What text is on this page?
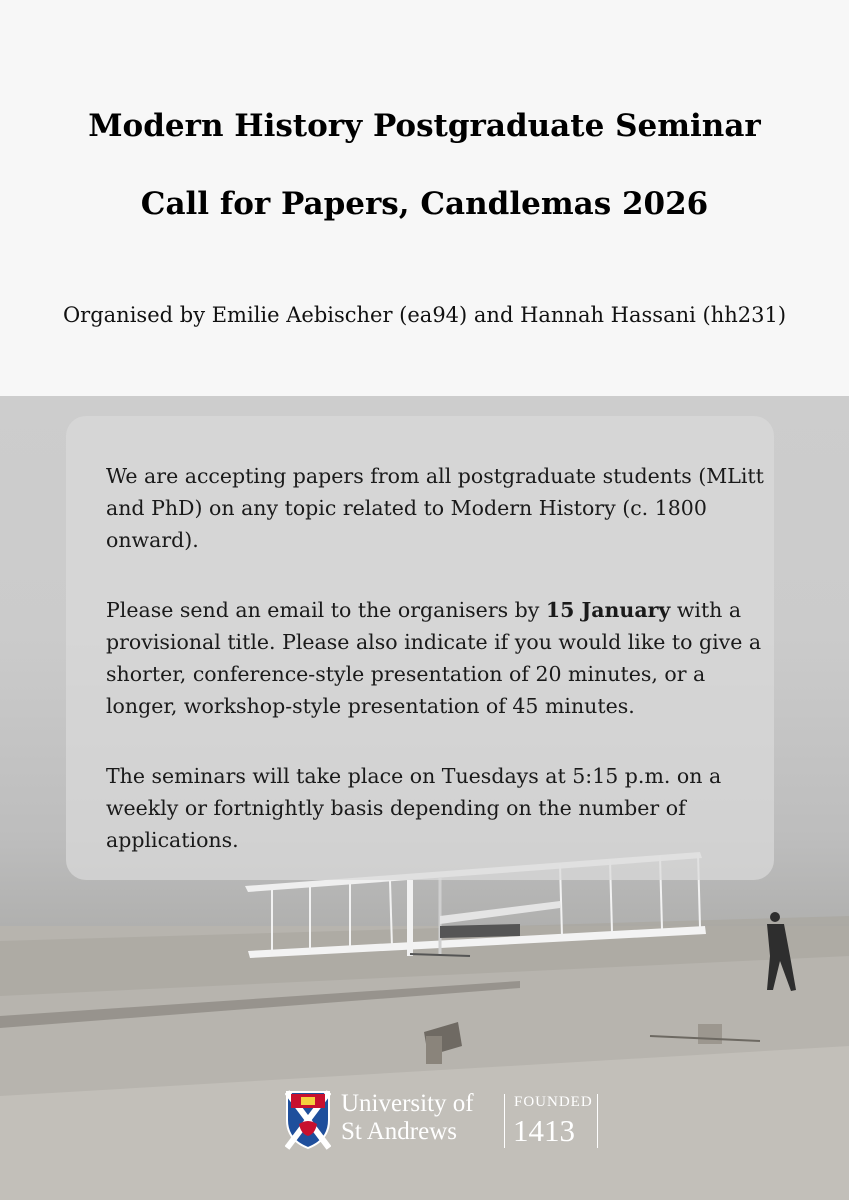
Modern History Postgraduate Seminar
Call for Papers, Candlemas 2026
Organised by Emilie Aebischer (ea94) and Hannah Hassani (hh231)

We are accepting papers from all postgraduate students (MLitt and PhD) on any topic related to Modern History (c. 1800 onward).

Please send an email to the organisers by 15 January with a provisional title. Please also indicate if you would like to give a shorter, conference-style presentation of 20 minutes, or a longer, workshop-style presentation of 45 minutes.

The seminars will take place on Tuesdays at 5:15 p.m. on a weekly or fortnightly basis depending on the number of applications.

University of
St Andrews
FOUNDED
1413
